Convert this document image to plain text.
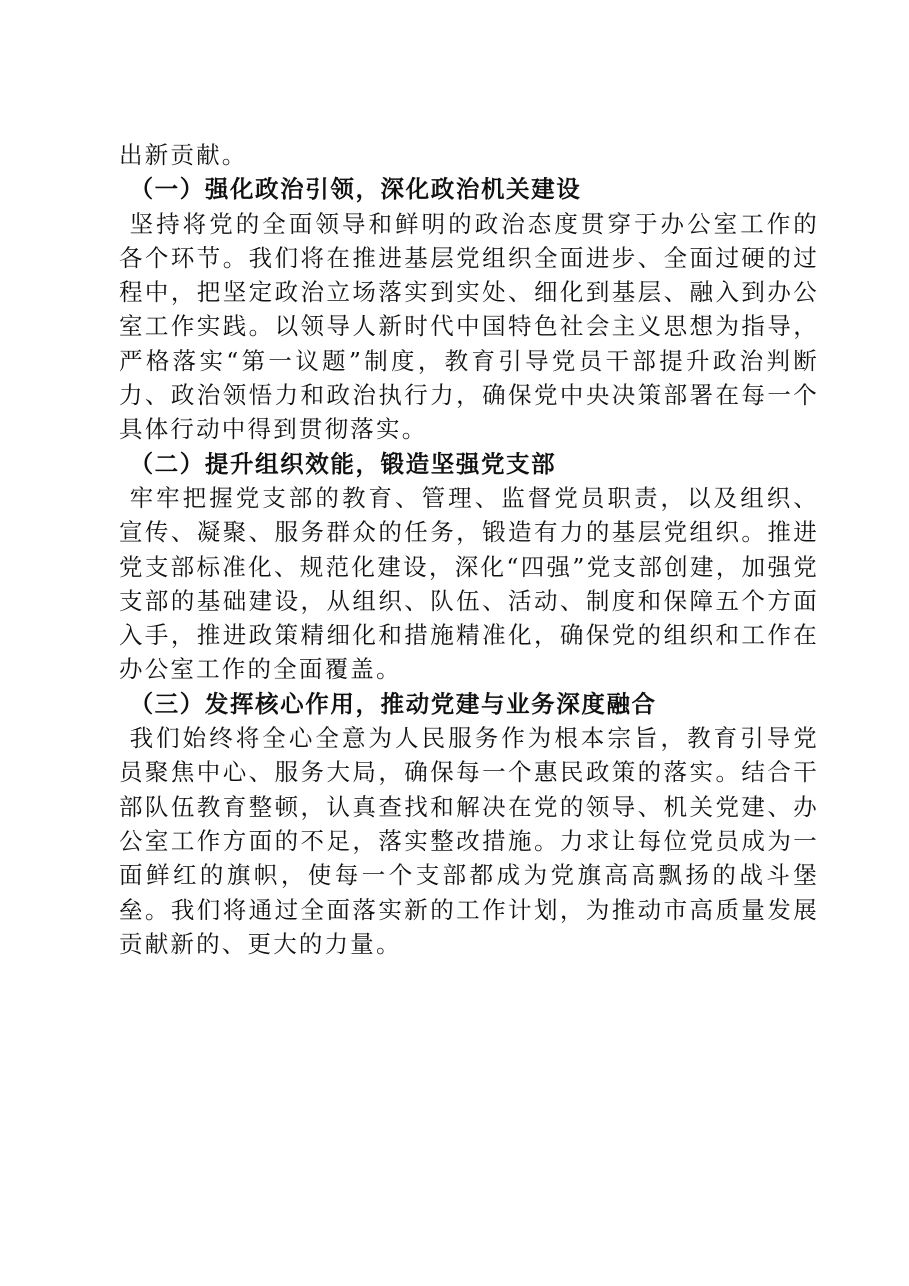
出新贡献。

（一）强化政治引领，深化政治机关建设

坚持将党的全面领导和鲜明的政治态度贯穿于办公室工作的各个环节。我们将在推进基层党组织全面进步、全面过硬的过程中，把坚定政治立场落实到实处、细化到基层、融入到办公室工作实践。以领导人新时代中国特色社会主义思想为指导，严格落实“第一议题”制度，教育引导党员干部提升政治判断力、政治领悟力和政治执行力，确保党中央决策部署在每一个具体行动中得到贯彻落实。

（二）提升组织效能，锻造坚强党支部

牢牢把握党支部的教育、管理、监督党员职责，以及组织、宣传、凝聚、服务群众的任务，锻造有力的基层党组织。推进党支部标准化、规范化建设，深化“四强”党支部创建，加强党支部的基础建设，从组织、队伍、活动、制度和保障五个方面入手，推进政策精细化和措施精准化，确保党的组织和工作在办公室工作的全面覆盖。

（三）发挥核心作用，推动党建与业务深度融合

我们始终将全心全意为人民服务作为根本宗旨，教育引导党员聚焦中心、服务大局，确保每一个惠民政策的落实。结合干部队伍教育整顿，认真查找和解决在党的领导、机关党建、办公室工作方面的不足，落实整改措施。力求让每位党员成为一面鲜红的旗帜，使每一个支部都成为党旗高高飘扬的战斗堡垒。我们将通过全面落实新的工作计划，为推动市高质量发展贡献新的、更大的力量。
